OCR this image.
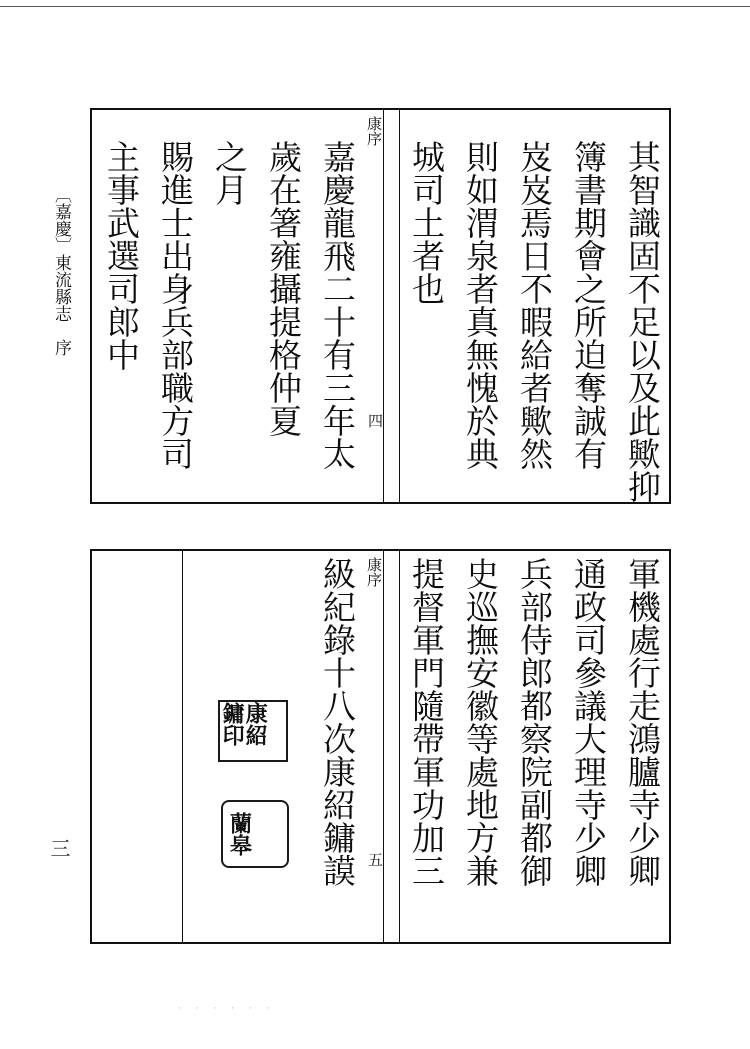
〔嘉慶〕東流縣志　序
三
康序
四	其智識固不足以及此歟抑
簿書期會之所迫奪誠有
岌岌焉日不暇給者歟然
則如渭泉者真無愧於典
城司土者也
嘉慶龍飛二十有三年太
歲在箸雍攝提格仲夏
之月
賜進士出身兵部職方司
主事武選司郎中
康序
五	軍機處行走鴻臚寺少卿
通政司參議大理寺少卿
兵部侍郎都察院副都御
史巡撫安徽等處地方兼
提督軍門隨帶軍功加三
級紀錄十八次康紹鏞謨
康紹鏞印
蘭皋
· · · · · ·
